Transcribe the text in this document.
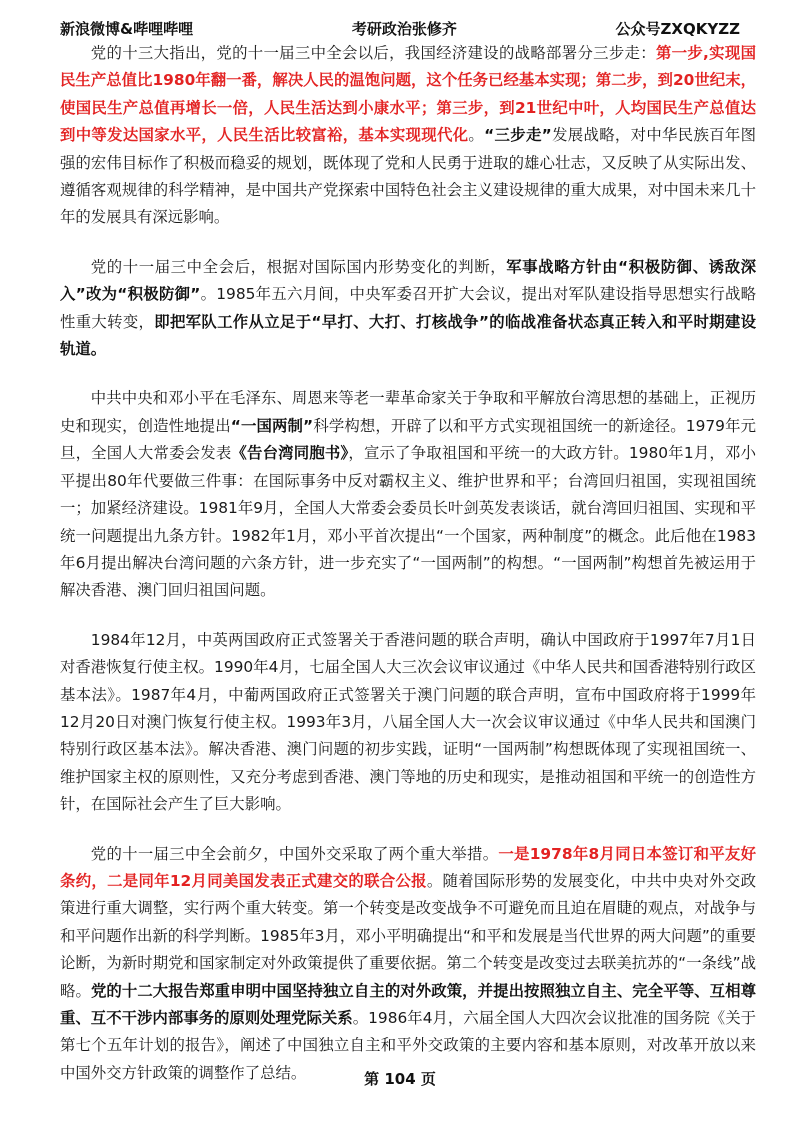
新浪微博&哔哩哔哩	考研政治张修齐	公众号ZXQKYZZ

党的十三大指出，党的十一届三中全会以后，我国经济建设的战略部署分三步走：第一步,实现国民生产总值比1980年翻一番，解决人民的温饱问题，这个任务已经基本实现；第二步，到20世纪末，使国民生产总值再增长一倍，人民生活达到小康水平；第三步，到21世纪中叶，人均国民生产总值达到中等发达国家水平，人民生活比较富裕，基本实现现代化。“三步走”发展战略，对中华民族百年图强的宏伟目标作了积极而稳妥的规划，既体现了党和人民勇于进取的雄心壮志，又反映了从实际出发、遵循客观规律的科学精神，是中国共产党探索中国特色社会主义建设规律的重大成果，对中国未来几十年的发展具有深远影响。

党的十一届三中全会后，根据对国际国内形势变化的判断，军事战略方针由“积极防御、诱敌深入”改为“积极防御”。1985年五六月间，中央军委召开扩大会议，提出对军队建设指导思想实行战略性重大转变，即把军队工作从立足于“早打、大打、打核战争”的临战准备状态真正转入和平时期建设轨道。

中共中央和邓小平在毛泽东、周恩来等老一辈革命家关于争取和平解放台湾思想的基础上，正视历史和现实，创造性地提出“一国两制”科学构想，开辟了以和平方式实现祖国统一的新途径。1979年元旦，全国人大常委会发表《告台湾同胞书》，宣示了争取祖国和平统一的大政方针。1980年1月，邓小平提出80年代要做三件事：在国际事务中反对霸权主义、维护世界和平；台湾回归祖国，实现祖国统一；加紧经济建设。1981年9月，全国人大常委会委员长叶剑英发表谈话，就台湾回归祖国、实现和平统一问题提出九条方针。1982年1月，邓小平首次提出“一个国家，两种制度”的概念。此后他在1983年6月提出解决台湾问题的六条方针，进一步充实了“一国两制”的构想。“一国两制”构想首先被运用于解决香港、澳门回归祖国问题。

1984年12月，中英两国政府正式签署关于香港问题的联合声明，确认中国政府于1997年7月1日对香港恢复行使主权。1990年4月，七届全国人大三次会议审议通过《中华人民共和国香港特别行政区基本法》。1987年4月，中葡两国政府正式签署关于澳门问题的联合声明，宣布中国政府将于1999年12月20日对澳门恢复行使主权。1993年3月，八届全国人大一次会议审议通过《中华人民共和国澳门特别行政区基本法》。解决香港、澳门问题的初步实践，证明“一国两制”构想既体现了实现祖国统一、维护国家主权的原则性，又充分考虑到香港、澳门等地的历史和现实，是推动祖国和平统一的创造性方针，在国际社会产生了巨大影响。

党的十一届三中全会前夕，中国外交采取了两个重大举措。一是1978年8月同日本签订和平友好条约，二是同年12月同美国发表正式建交的联合公报。随着国际形势的发展变化，中共中央对外交政策进行重大调整，实行两个重大转变。第一个转变是改变战争不可避免而且迫在眉睫的观点，对战争与和平问题作出新的科学判断。1985年3月，邓小平明确提出“和平和发展是当代世界的两大问题”的重要论断，为新时期党和国家制定对外政策提供了重要依据。第二个转变是改变过去联美抗苏的“一条线”战略。党的十二大报告郑重申明中国坚持独立自主的对外政策，并提出按照独立自主、完全平等、互相尊重、互不干涉内部事务的原则处理党际关系。1986年4月，六届全国人大四次会议批准的国务院《关于第七个五年计划的报告》，阐述了中国独立自主和平外交政策的主要内容和基本原则，对改革开放以来中国外交方针政策的调整作了总结。	第 104 页
